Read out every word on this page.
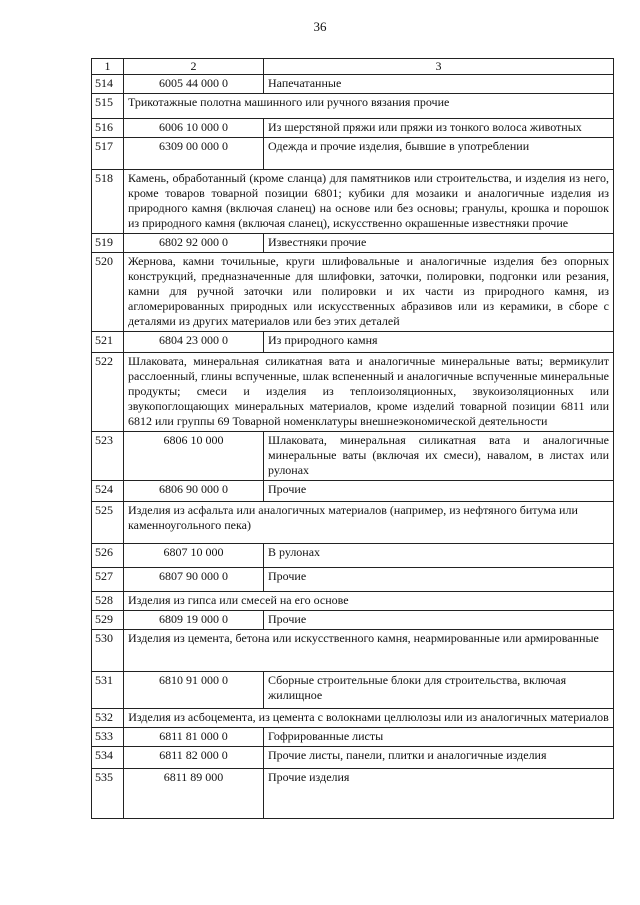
36
1	2	3
514	6005 44 000 0	Напечатанные
515	Трикотажные полотна машинного или ручного вязания прочие	
516	6006 10 000 0	Из шерстяной пряжи или пряжи из тонкого волоса животных
517	6309 00 000 0	Одежда и прочие изделия, бывшие в употреблении
518	Камень, обработанный (кроме сланца) для памятников или строительства, и изделия из него, кроме товаров товарной позиции 6801; кубики для мозаики и аналогичные изделия из природного камня (включая сланец) на основе или без основы; гранулы, крошка и порошок из природного камня (включая сланец), искусственно окрашенные известняки прочие	
519	6802 92 000 0	Известняки прочие
520	Жернова, камни точильные, круги шлифовальные и аналогичные изделия без опорных конструкций, предназначенные для шлифовки, заточки, полировки, подгонки или резания, камни для ручной заточки или полировки и их части из природного камня, из агломерированных природных или искусственных абразивов или из керамики, в сборе с деталями из других материалов или без этих деталей	
521	6804 23 000 0	Из природного камня
522	Шлаковата, минеральная силикатная вата и аналогичные минеральные ваты; вермикулит расслоенный, глины вспученные, шлак вспененный и аналогичные вспученные минеральные продукты; смеси и изделия из теплоизоляционных, звукоизоляционных или звукопоглощающих минеральных материалов, кроме изделий товарной позиции 6811 или 6812 или группы 69 Товарной номенклатуры внешнеэкономической деятельности	
523	6806 10 000	Шлаковата, минеральная силикатная вата и аналогичные минеральные ваты (включая их смеси), навалом, в листах или рулонах
524	6806 90 000 0	Прочие
525	Изделия из асфальта или аналогичных материалов (например, из нефтяного битума или каменноугольного пека)	
526	6807 10 000	В рулонах
527	6807 90 000 0	Прочие
528	Изделия из гипса или смесей на его основе	
529	6809 19 000 0	Прочие
530	Изделия из цемента, бетона или искусственного камня, неармированные или армированные	
531	6810 91 000 0	Сборные строительные блоки для строительства, включая жилищное
532	Изделия из асбоцемента, из цемента с волокнами целлюлозы или из аналогичных материалов	
533	6811 81 000 0	Гофрированные листы
534	6811 82 000 0	Прочие листы, панели, плитки и аналогичные изделия
535	6811 89 000	Прочие изделия
